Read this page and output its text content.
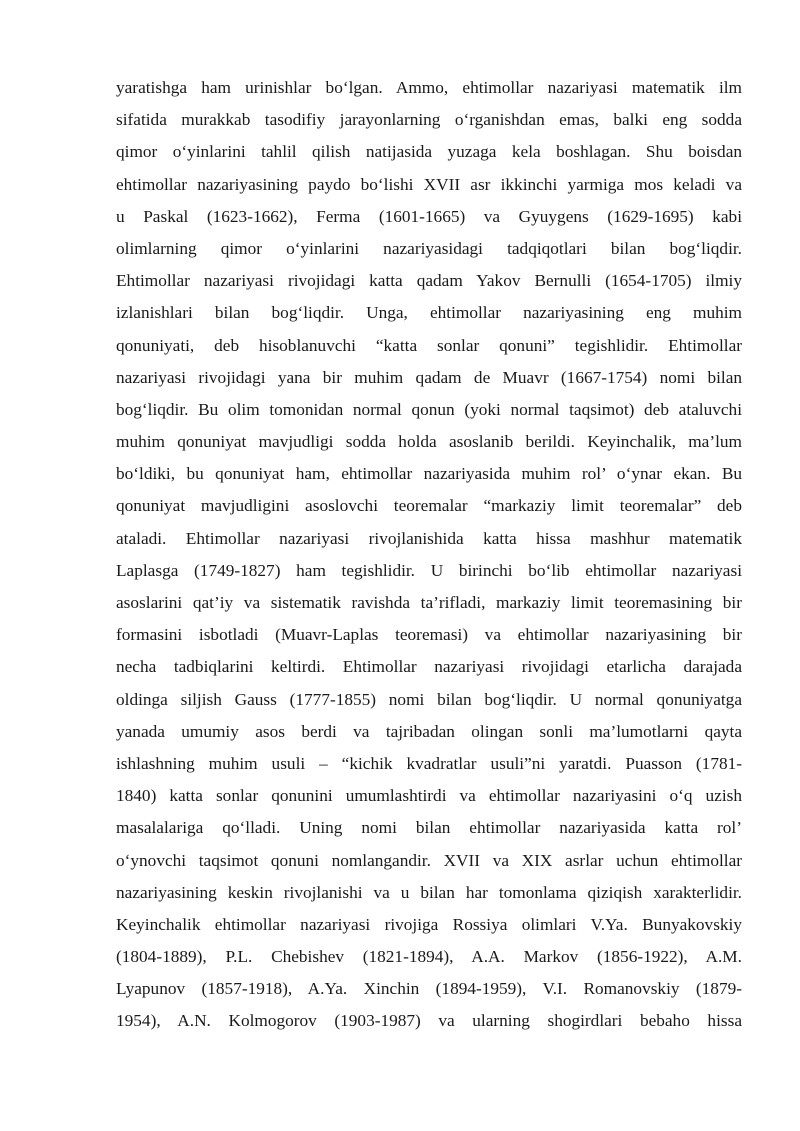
yaratishga ham urinishlar bo‘lgan. Ammo, ehtimollar nazariyasi matematik ilm
sifatida murakkab tasodifiy jarayonlarning o‘rganishdan emas, balki eng sodda
qimor o‘yinlarini tahlil qilish natijasida yuzaga kela boshlagan. Shu boisdan
ehtimollar nazariyasining paydo bo‘lishi XVII asr ikkinchi yarmiga mos keladi va
u Paskal (1623-1662), Ferma (1601-1665) va Gyuygens (1629-1695) kabi
olimlarning qimor o‘yinlarini nazariyasidagi tadqiqotlari bilan bog‘liqdir.
Ehtimollar nazariyasi rivojidagi katta qadam Yakov Bernulli (1654-1705) ilmiy
izlanishlari bilan bog‘liqdir. Unga, ehtimollar nazariyasining eng muhim
qonuniyati, deb hisoblanuvchi “katta sonlar qonuni” tegishlidir. Ehtimollar
nazariyasi rivojidagi yana bir muhim qadam de Muavr (1667-1754) nomi bilan
bog‘liqdir. Bu olim tomonidan normal qonun (yoki normal taqsimot) deb ataluvchi
muhim qonuniyat mavjudligi sodda holda asoslanib berildi. Keyinchalik, ma’lum
bo‘ldiki, bu qonuniyat ham, ehtimollar nazariyasida muhim rol’ o‘ynar ekan. Bu
qonuniyat mavjudligini asoslovchi teoremalar “markaziy limit teoremalar” deb
ataladi. Ehtimollar nazariyasi rivojlanishida katta hissa mashhur matematik
Laplasga (1749-1827) ham tegishlidir. U birinchi bo‘lib ehtimollar nazariyasi
asoslarini qat’iy va sistematik ravishda ta’rifladi, markaziy limit teoremasining bir
formasini isbotladi (Muavr-Laplas teoremasi) va ehtimollar nazariyasining bir
necha tadbiqlarini keltirdi. Ehtimollar nazariyasi rivojidagi etarlicha darajada
oldinga siljish Gauss (1777-1855) nomi bilan bog‘liqdir. U normal qonuniyatga
yanada umumiy asos berdi va tajribadan olingan sonli ma’lumotlarni qayta
ishlashning muhim usuli – “kichik kvadratlar usuli”ni yaratdi. Puasson (1781-
1840) katta sonlar qonunini umumlashtirdi va ehtimollar nazariyasini o‘q uzish
masalalariga qo‘lladi. Uning nomi bilan ehtimollar nazariyasida katta rol’
o‘ynovchi taqsimot qonuni nomlangandir. XVII va XIX asrlar uchun ehtimollar
nazariyasining keskin rivojlanishi va u bilan har tomonlama qiziqish xarakterlidir.
Keyinchalik ehtimollar nazariyasi rivojiga Rossiya olimlari V.Ya. Bunyakovskiy
(1804-1889), P.L. Chebishev (1821-1894), A.A. Markov (1856-1922), A.M.
Lyapunov (1857-1918), A.Ya. Xinchin (1894-1959), V.I. Romanovskiy (1879-
1954), A.N. Kolmogorov (1903-1987) va ularning shogirdlari bebaho hissa
